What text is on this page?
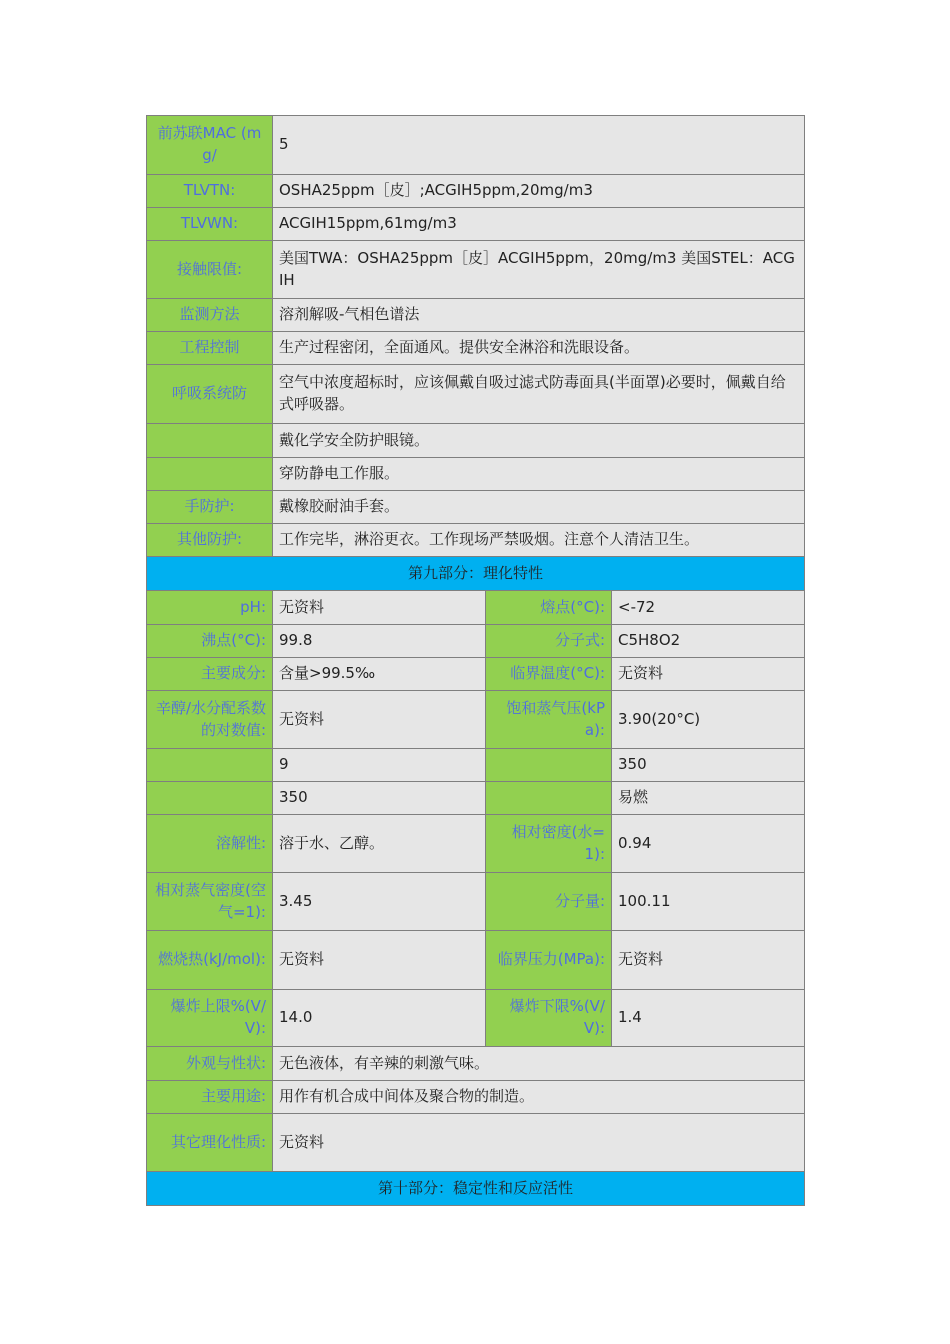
前苏联MAC (mg/	5		
TLVTN:	OSHA25ppm［皮］;ACGIH5ppm,20mg/m3		
TLVWN:	ACGIH15ppm,61mg/m3		
接触限值:	美国TWA：OSHA25ppm［皮］ACGIH5ppm，20mg/m3 美国STEL：ACGIH		
监测方法	溶剂解吸-气相色谱法		
工程控制	生产过程密闭，全面通风。提供安全淋浴和洗眼设备。		
呼吸系统防	空气中浓度超标时，应该佩戴自吸过滤式防毒面具(半面罩)必要时，佩戴自给式呼吸器。		
	戴化学安全防护眼镜。		
	穿防静电工作服。		
手防护:	戴橡胶耐油手套。		
其他防护:	工作完毕，淋浴更衣。工作现场严禁吸烟。注意个人清洁卫生。		
第九部分：理化特性			
pH:	无资料	熔点(°C):	<-72
沸点(°C):	99.8	分子式:	C5H8O2
主要成分:	含量>99.5‰	临界温度(°C):	无资料
辛醇/水分配系数的对数值:	无资料	饱和蒸气压(kPa):	3.90(20°C)
	9		350
	350		易燃
溶解性:	溶于水、乙醇。	相对密度(水=1):	0.94
相对蒸气密度(空气=1):	3.45	分子量:	100.11
燃烧热(kJ/mol):	无资料	临界压力(MPa):	无资料
爆炸上限%(V/V):	14.0	爆炸下限%(V/V):	1.4
外观与性状:	无色液体，有辛辣的刺激气味。		
主要用途:	用作有机合成中间体及聚合物的制造。		
其它理化性质:	无资料		
第十部分：稳定性和反应活性			
